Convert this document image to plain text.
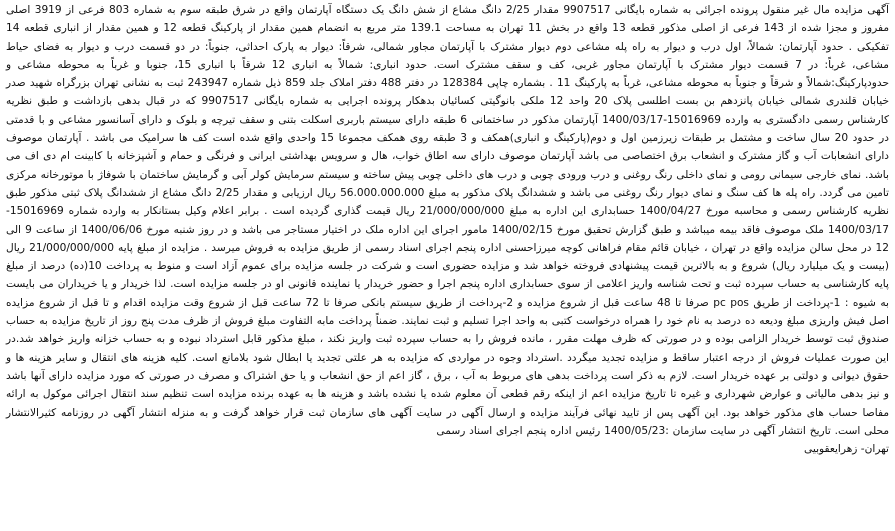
آگهی مزایده مال غیر منقول پرونده اجرائی به شماره بایگانی 9907517 مقدار 2/25 دانگ مشاع از شش دانگ یک دستگاه آپارتمان واقع در شرق طبقه سوم به شماره 803 فرعی از 3919 اصلی مفروز و مجزا شده از 143 فرعی از اصلی مذکور قطعه 13 واقع در بخش 11 تهران به مساحت 139.1 متر مربع به انضمام همین مقدار از پارکینگ قطعه 12 و همین مقدار از انباری قطعه 14 تفکیکی . حدود آپارتمان: شمالاً، اول درب و دیوار به راه پله مشاعی دوم دیوار مشترک با آپارتمان مجاور شمالی، شرقاً: دیوار به پارک احداثی، جنوباً: در دو قسمت درب و دیوار به فضای حیاط مشاعی، غرباً: در 7 قسمت دیوار مشترک با آپارتمان مجاور غربی، کف و سقف مشترک است. حدود انباری: شمالاً به انباری 12 شرقاً با انباری 15، جنوبا و غرباً به محوطه مشاعی و حدودپارکینگ:شمالاً و شرقاً و جنوباً به محوطه مشاعی، غرباً به پارکینگ 11 . بشماره چاپی 128384 در دفتر 488 دفتر املاک جلد 859 ذیل شماره 243947 ثبت به نشانی تهران بزرگراه شهید صدر خیابان قلندری شمالی خیابان پانزدهم بن بست اطلسی پلاک 20 واحد 12 ملکی بانوگیتی کسائیان بدهکار پرونده اجرایی به شماره بایگانی 9907517 که در قبال بدهی بازداشت و طبق نظریه کارشناس رسمی دادگستری به وارده 15016969-1400/03/17 آپارتمان مذکور در ساختمانی 6 طبقه دارای سیستم باربری اسکلت بتنی و سقف تیرچه و بلوک و دارای آسانسور مشاعی و با قدمتی در حدود 20 سال ساخت و مشتمل بر طبقات زیرزمین اول و دوم(پارکینگ و انباری)همکف و 3 طبقه روی همکف مجموعا 15 واحدی واقع شده است کف ها سرامیک می باشد . آپارتمان موصوف دارای انشعابات آب و گاز مشترک و انشعاب برق اختصاصی می باشد آپارتمان موصوف دارای سه اطاق خواب، هال و سرویس بهداشتی ایرانی و فرنگی و حمام و آشپزخانه با کابینت ام دی اف می باشد. نمای خارجی سیمانی رومی و نمای داخلی رنگ روغنی و درب ورودی چوبی و درب های داخلی چوبی پیش ساخته و سیستم سرمایش کولر آبی و گرمایش ساختمان با شوفاژ با موتورخانه مرکزی تامین می گردد. راه پله ها کف سنگ و نمای دیوار رنگ روغنی می باشد و ششدانگ پلاک مذکور به مبلغ 56.000.000.000 ریال ارزیابی و مقدار 2/25 دانگ مشاع از ششدانگ پلاک ثبتی مذکور طبق نظریه کارشناس رسمی و محاسبه مورخ 1400/04/27 حسابداری این اداره به مبلغ 21/000/000/000 ریال قیمت گذاری گردیده است . برابر اعلام وکیل بستانکار به وارده شماره 15016969-1400/03/17 ملک موصوف فاقد بیمه میباشد و طبق گزارش تحقیق مورخ 1400/02/15 مامور اجرای این اداره ملک در اختیار مستاجر می باشد و در روز شنبه مورخ 1400/06/06 از ساعت 9 الی 12 در محل سالن مزایده واقع در تهران ، خیابان قائم مقام فراهانی کوچه میرزاحسنی اداره پنجم اجرای اسناد رسمی از طریق مزایده به فروش میرسد . مزایده از مبلغ پایه 21/000/000/000 ریال (بیست و یک میلیارد ریال) شروع و به بالاترین قیمت پیشنهادی فروخته خواهد شد و مزایده حضوری است و شرکت در جلسه مزایده برای عموم آزاد است و منوط به پرداخت 10(ده) درصد از مبلغ پایه کارشناسی به حساب سپرده ثبت و تحت شناسه واریز اعلامی از سوی حسابداری اداره پنجم اجرا و حضور خریدار یا نماینده قانونی او در جلسه مزایده است. لذا خریدار و یا خریداران می بایست به شیوه : 1-پرداخت از طریق pc pos صرفا تا 48 ساعت قبل از شروع مزایده و 2-پرداخت از طریق سیستم بانکی صرفا تا 72 ساعت قبل از شروع وقت مزایده اقدام و تا قبل از شروع مزایده اصل فیش واریزی مبلغ ودیعه ده درصد به نام خود را همراه درخواست کتبی به واحد اجرا تسلیم و ثبت نمایند. ضمناً پرداخت مابه التفاوت مبلغ فروش از ظرف مدت پنج روز از تاریخ مزایده به حساب صندوق ثبت توسط خریدار الزامی بوده و در صورتی که ظرف مهلت مقرر ، مانده فروش را به حساب سپرده ثبت واریز نکند ، مبلغ مذکور قابل استرداد نبوده و به حساب خزانه واریز خواهد شد.در این صورت عملیات فروش از درجه اعتبار ساقط و مزایده تجدید میگردد .استرداد وجوه در مواردی که مزایده به هر علتی تجدید یا ابطال شود بلامانع است. کلیه هزینه های انتقال و سایر هزینه ها و حقوق دیوانی و دولتی بر عهده خریدار است. لازم به ذکر است پرداخت بدهی های مربوط به آب ، برق ، گاز اعم از حق انشعاب و یا حق اشتراک و مصرف در صورتی که مورد مزایده دارای آنها باشد و نیز بدهی مالیاتی و عوارض شهرداری و غیره تا تاریخ مزایده اعم از اینکه رقم قطعی آن معلوم شده یا نشده باشد و هزینه ها به عهده برنده مزایده است تنظیم سند انتقال اجرائی موکول به ارائه مفاصا حساب های مذکور خواهد بود. این آگهی پس از تایید نهائی فرآیند مزایده و ارسال آگهی در سایت آگهی های سازمان ثبت قرار خواهد گرفت و به منزله انتشار آگهی در روزنامه کثیرالانتشار محلی است. تاریخ انتشار آگهی در سایت سازمان :1400/05/23 رئیس اداره پنجم اجرای اسناد رسمی

تهران- زهرایعقوبیی
